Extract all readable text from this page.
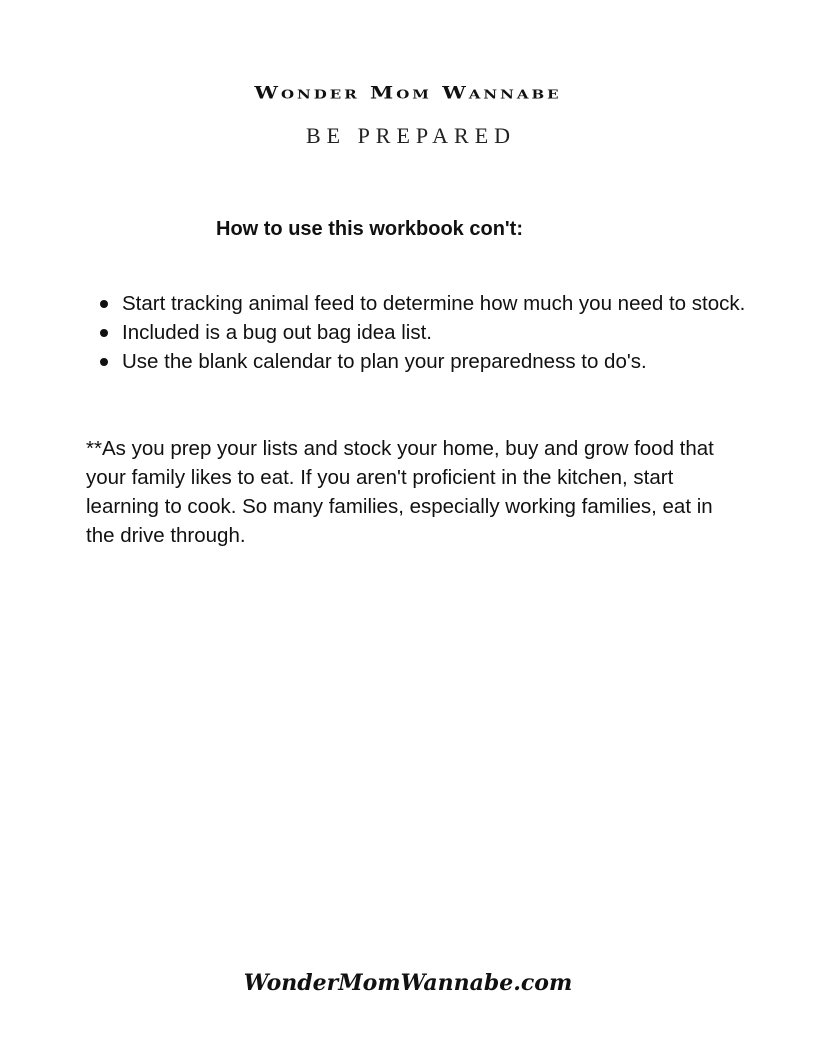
Wonder Mom Wannabe
BE PREPARED
How to use this workbook con't:
Start tracking animal feed to determine how much you need to stock.
Included is a bug out bag idea list.
Use the blank calendar to plan your preparedness to do's.

**As you prep your lists and stock your home, buy and grow food that your family likes to eat. If you aren't proficient in the kitchen, start learning to cook. So many families, especially working families, eat in the drive through.

WonderMomWannabe.com
